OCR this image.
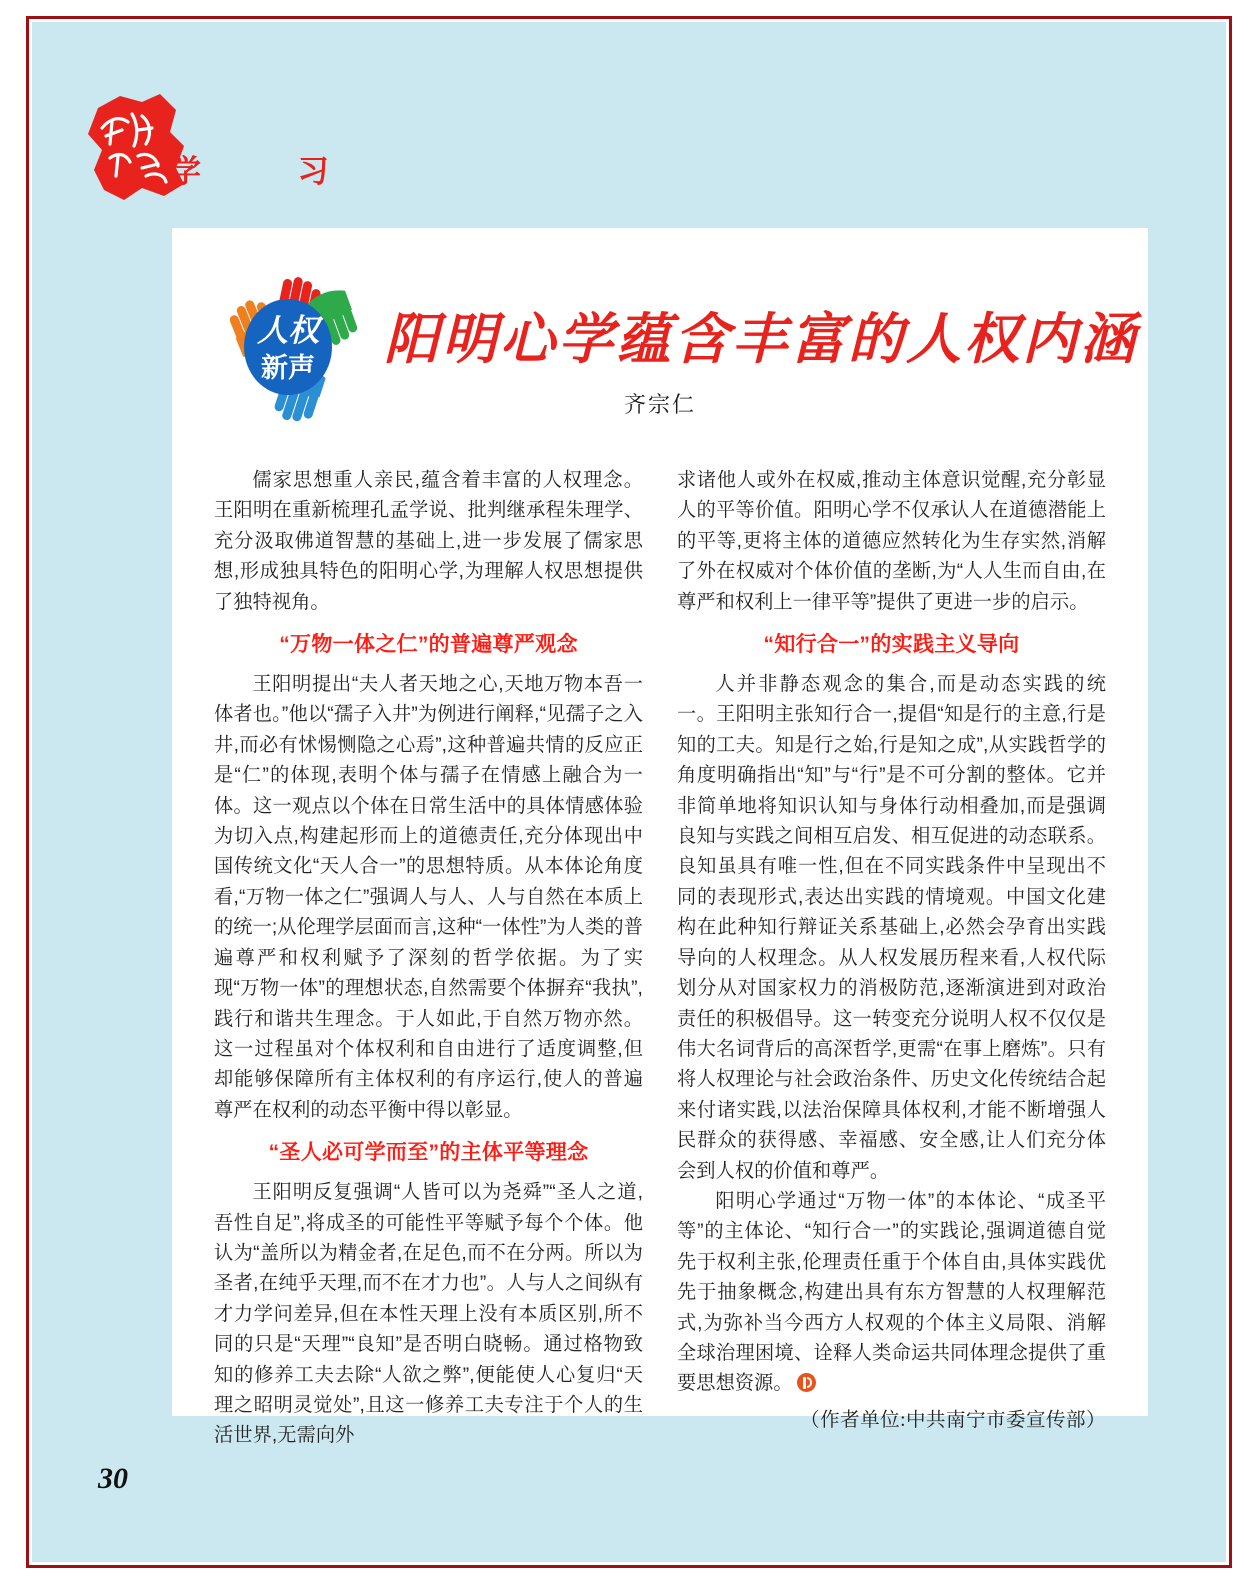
学 习
人权
新声 阳明心学蕴含丰富的人权内涵
齐宗仁

儒家思想重人亲民,蕴含着丰富的人权理念。王阳明在重新梳理孔孟学说、批判继承程朱理学、充分汲取佛道智慧的基础上,进一步发展了儒家思想,形成独具特色的阳明心学,为理解人权思想提供了独特视角。

“万物一体之仁”的普遍尊严观念

王阳明提出“夫人者天地之心,天地万物本吾一体者也。”他以“孺子入井”为例进行阐释,“见孺子之入井,而必有怵惕恻隐之心焉”,这种普遍共情的反应正是“仁”的体现,表明个体与孺子在情感上融合为一体。这一观点以个体在日常生活中的具体情感体验为切入点,构建起形而上的道德责任,充分体现出中国传统文化“天人合一”的思想特质。从本体论角度看,“万物一体之仁”强调人与人、人与自然在本质上的统一;从伦理学层面而言,这种“一体性”为人类的普遍尊严和权利赋予了深刻的哲学依据。为了实现“万物一体”的理想状态,自然需要个体摒弃“我执”,践行和谐共生理念。于人如此,于自然万物亦然。这一过程虽对个体权利和自由进行了适度调整,但却能够保障所有主体权利的有序运行,使人的普遍尊严在权利的动态平衡中得以彰显。

“圣人必可学而至”的主体平等理念

王阳明反复强调“人皆可以为尧舜”“圣人之道,吾性自足”,将成圣的可能性平等赋予每个个体。他认为“盖所以为精金者,在足色,而不在分两。所以为圣者,在纯乎天理,而不在才力也”。人与人之间纵有才力学问差异,但在本性天理上没有本质区别,所不同的只是“天理”“良知”是否明白晓畅。通过格物致知的修养工夫去除“人欲之弊”,便能使人心复归“天理之昭明灵觉处”,且这一修养工夫专注于个人的生活世界,无需向外

求诸他人或外在权威,推动主体意识觉醒,充分彰显人的平等价值。阳明心学不仅承认人在道德潜能上的平等,更将主体的道德应然转化为生存实然,消解了外在权威对个体价值的垄断,为“人人生而自由,在尊严和权利上一律平等”提供了更进一步的启示。

“知行合一”的实践主义导向

人并非静态观念的集合,而是动态实践的统一。王阳明主张知行合一,提倡“知是行的主意,行是知的工夫。知是行之始,行是知之成”,从实践哲学的角度明确指出“知”与“行”是不可分割的整体。它并非简单地将知识认知与身体行动相叠加,而是强调良知与实践之间相互启发、相互促进的动态联系。良知虽具有唯一性,但在不同实践条件中呈现出不同的表现形式,表达出实践的情境观。中国文化建构在此种知行辩证关系基础上,必然会孕育出实践导向的人权理念。从人权发展历程来看,人权代际划分从对国家权力的消极防范,逐渐演进到对政治责任的积极倡导。这一转变充分说明人权不仅仅是伟大名词背后的高深哲学,更需“在事上磨炼”。只有将人权理论与社会政治条件、历史文化传统结合起来付诸实践,以法治保障具体权利,才能不断增强人民群众的获得感、幸福感、安全感,让人们充分体会到人权的价值和尊严。

阳明心学通过“万物一体”的本体论、“成圣平等”的主体论、“知行合一”的实践论,强调道德自觉先于权利主张,伦理责任重于个体自由,具体实践优先于抽象概念,构建出具有东方智慧的人权理解范式,为弥补当今西方人权观的个体主义局限、消解全球治理困境、诠释人类命运共同体理念提供了重要思想资源。

（作者单位:中共南宁市委宣传部）

30
